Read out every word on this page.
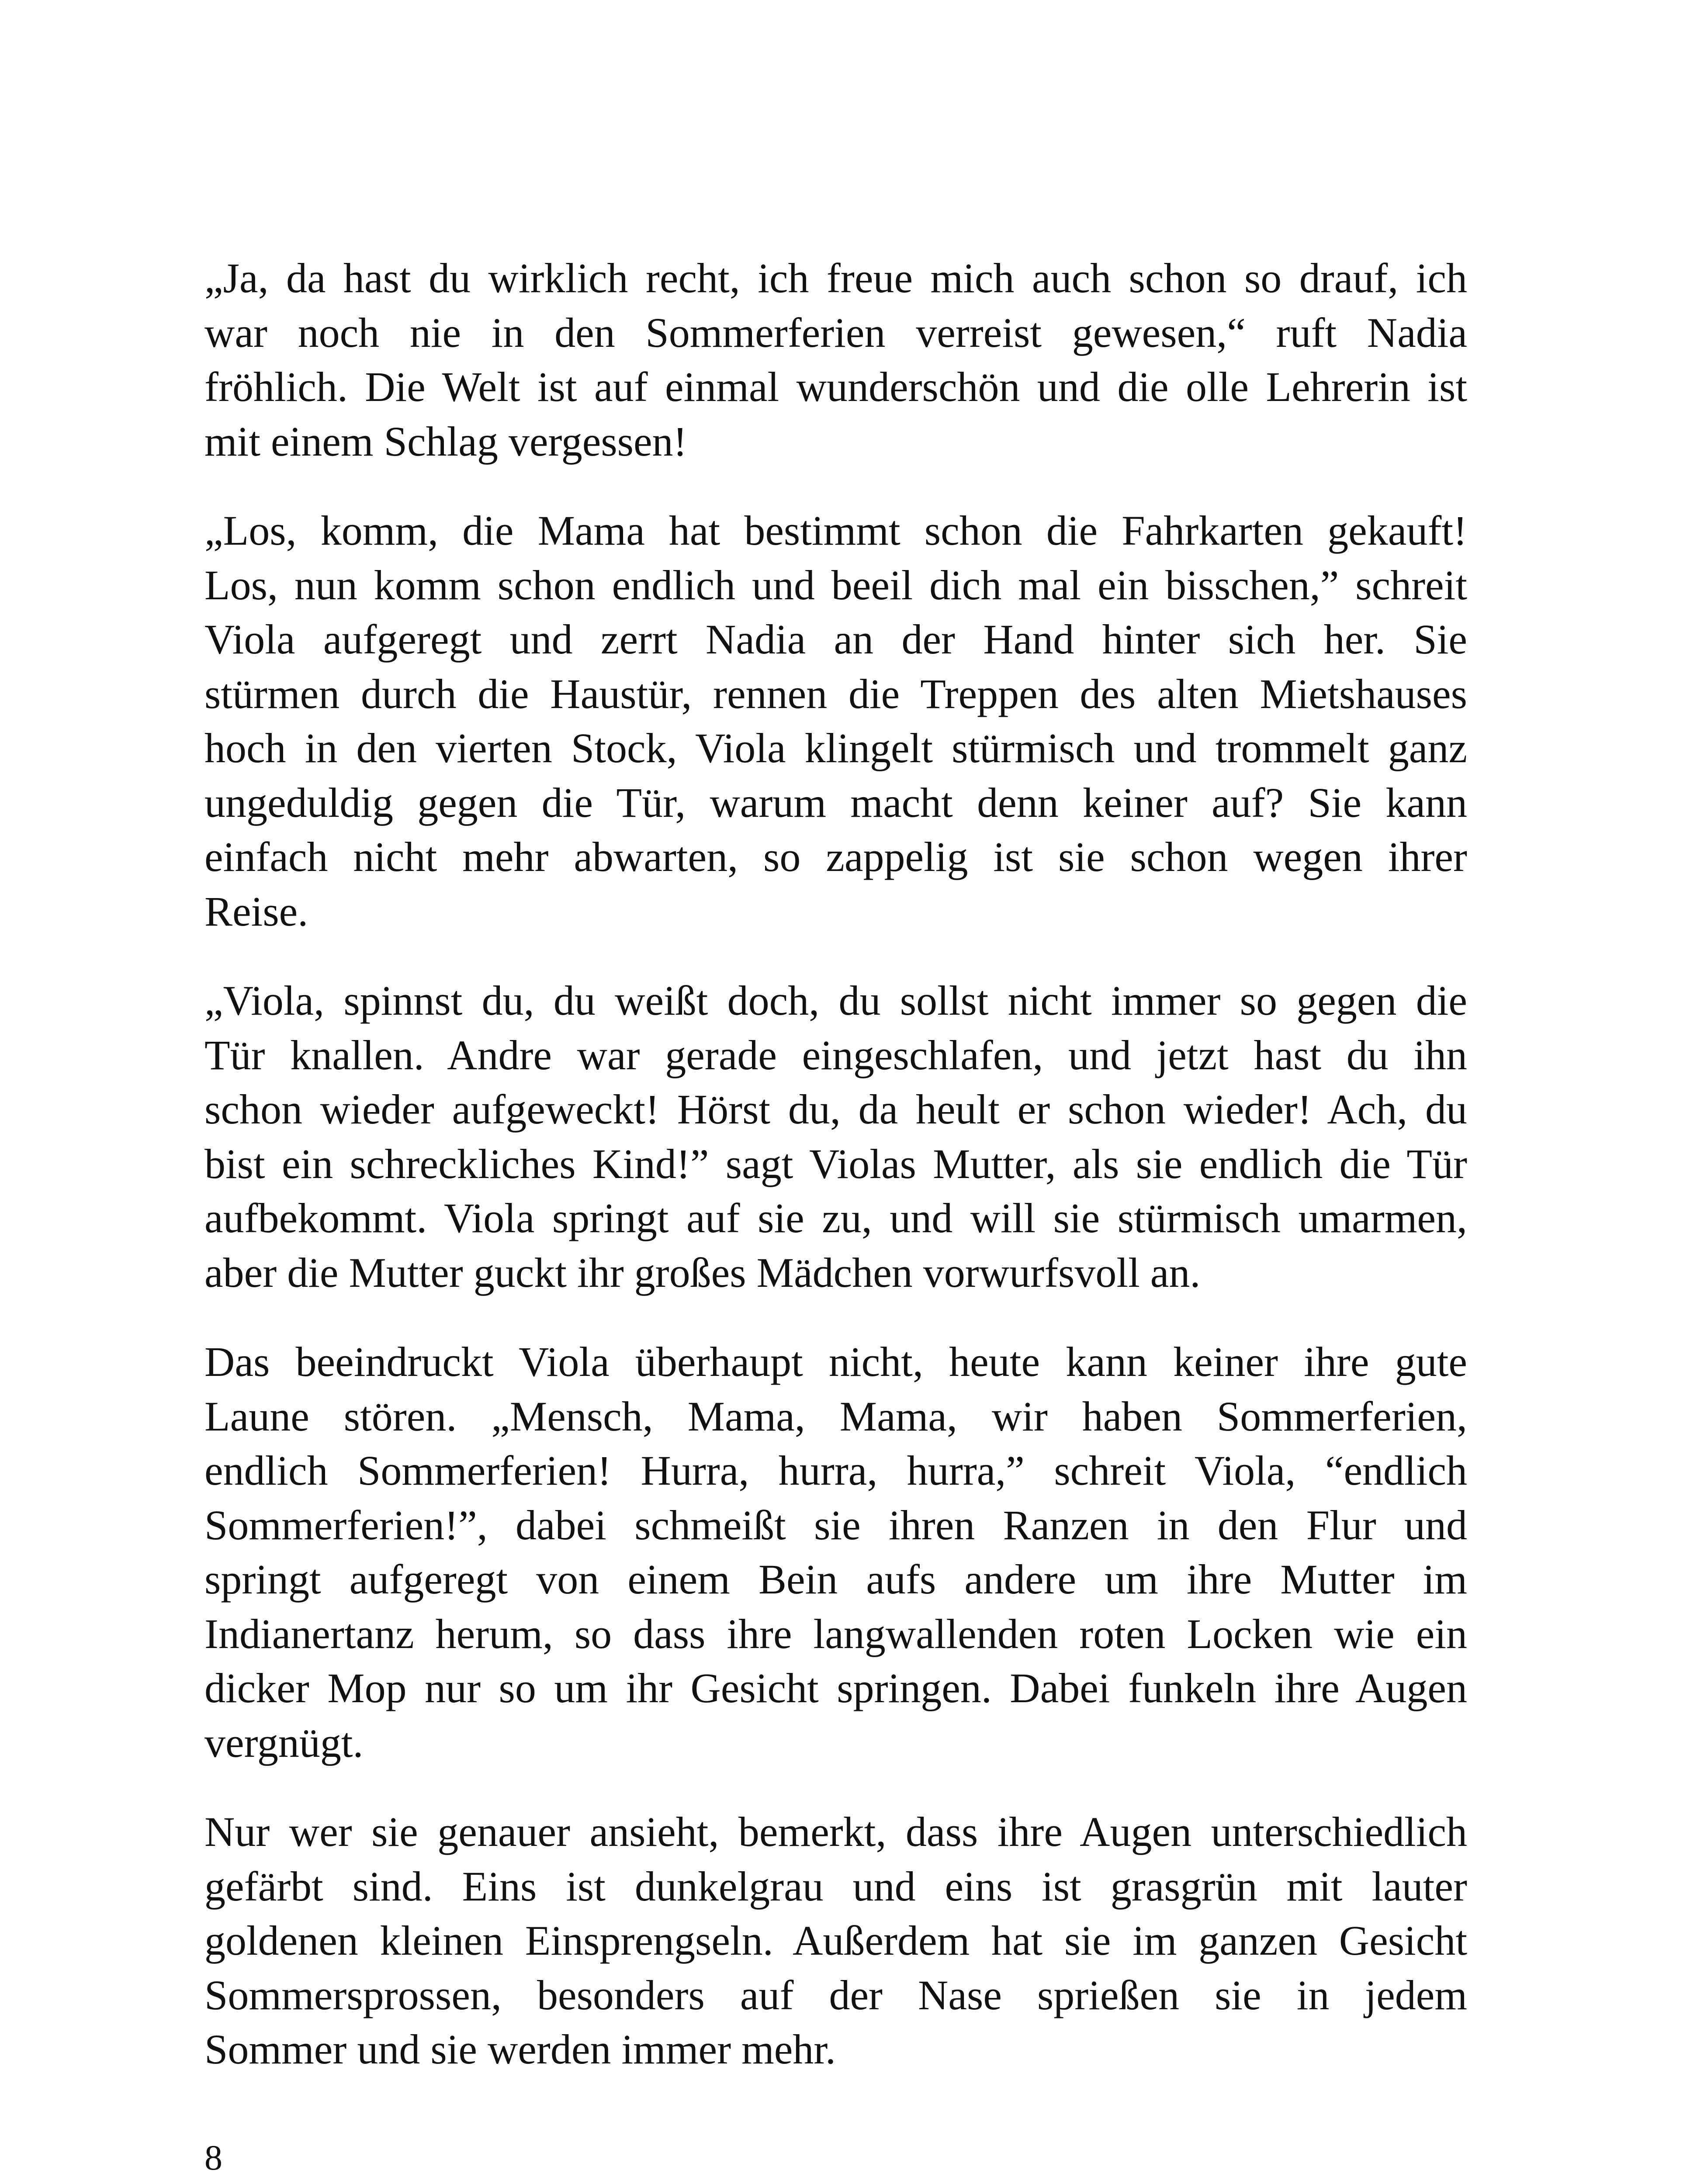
„Ja, da hast du wirklich recht, ich freue mich auch schon so drauf, ich
war noch nie in den Sommerferien verreist gewesen,“ ruft Nadia
fröhlich. Die Welt ist auf einmal wunderschön und die olle Lehrerin ist
mit einem Schlag vergessen!

„Los, komm, die Mama hat bestimmt schon die Fahrkarten gekauft!
Los, nun komm schon endlich und beeil dich mal ein bisschen,” schreit
Viola aufgeregt und zerrt Nadia an der Hand hinter sich her. Sie
stürmen durch die Haustür, rennen die Treppen des alten Mietshauses
hoch in den vierten Stock, Viola klingelt stürmisch und trommelt ganz
ungeduldig gegen die Tür, warum macht denn keiner auf? Sie kann
einfach nicht mehr abwarten, so zappelig ist sie schon wegen ihrer
Reise.

„Viola, spinnst du, du weißt doch, du sollst nicht immer so gegen die
Tür knallen. Andre war gerade eingeschlafen, und jetzt hast du ihn
schon wieder aufgeweckt! Hörst du, da heult er schon wieder! Ach, du
bist ein schreckliches Kind!” sagt Violas Mutter, als sie endlich die Tür
aufbekommt. Viola springt auf sie zu, und will sie stürmisch umarmen,
aber die Mutter guckt ihr großes Mädchen vorwurfsvoll an.

Das beeindruckt Viola überhaupt nicht, heute kann keiner ihre gute
Laune stören. „Mensch, Mama, Mama, wir haben Sommerferien,
endlich Sommerferien! Hurra, hurra, hurra,” schreit Viola, “endlich
Sommerferien!”, dabei schmeißt sie ihren Ranzen in den Flur und
springt aufgeregt von einem Bein aufs andere um ihre Mutter im
Indianertanz herum, so dass ihre langwallenden roten Locken wie ein
dicker Mop nur so um ihr Gesicht springen. Dabei funkeln ihre Augen
vergnügt.

Nur wer sie genauer ansieht, bemerkt, dass ihre Augen unterschiedlich
gefärbt sind. Eins ist dunkelgrau und eins ist grasgrün mit lauter
goldenen kleinen Einsprengseln. Außerdem hat sie im ganzen Gesicht
Sommersprossen, besonders auf der Nase sprießen sie in jedem
Sommer und sie werden immer mehr.

8
